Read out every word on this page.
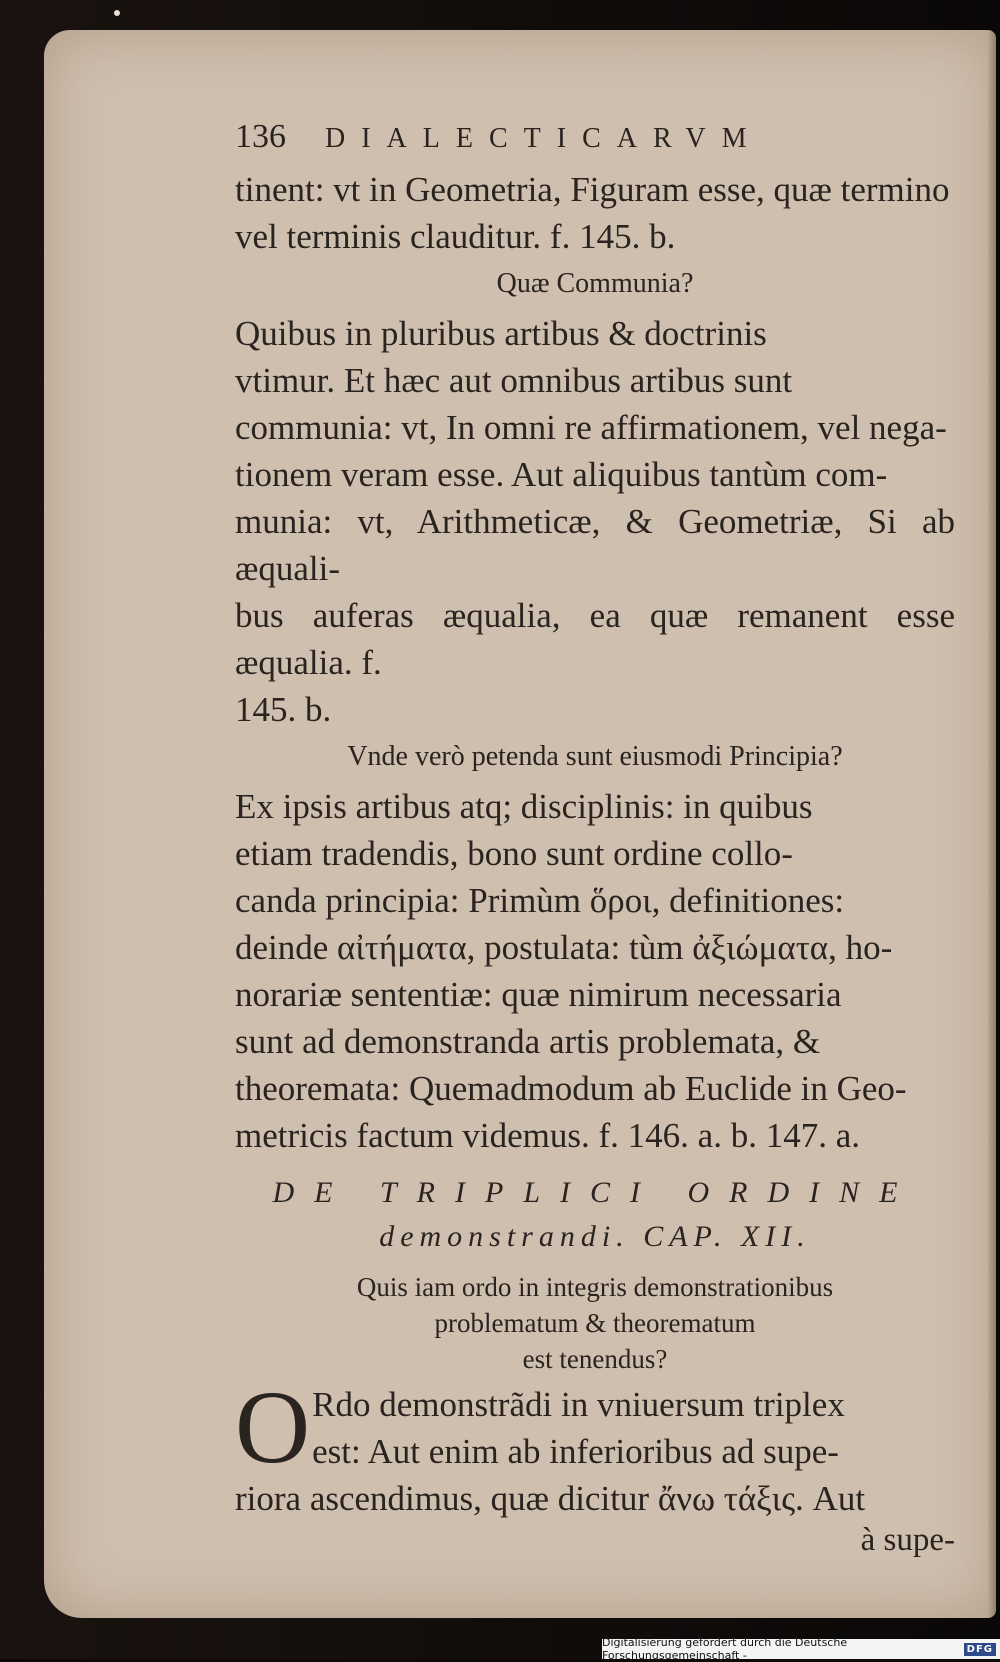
136	DIALECTICARVM

tinent: vt in Geometria, Figuram esse, quæ termino

vel terminis clauditur. f. 145. b.

Quæ Communia?

Quibus in pluribus artibus & doctrinis

vtimur. Et hæc aut omnibus artibus sunt

communia: vt, In omni re affirmationem, vel nega-

tionem veram esse. Aut aliquibus tantùm com-

munia: vt, Arithmeticæ, & Geometriæ, Si ab æquali-

bus auferas æqualia, ea quæ remanent esse æqualia. f.

145. b.

Vnde verò petenda sunt eiusmodi Principia?

Ex ipsis artibus atq; disciplinis: in quibus

etiam tradendis, bono sunt ordine collo-

canda principia: Primùm ὅροι, definitiones:

deinde αἰτήματα, postulata: tùm ἀξιώματα, ho-

norariæ sententiæ: quæ nimirum necessaria

sunt ad demonstranda artis problemata, &

theoremata: Quemadmodum ab Euclide in Geo-

metricis factum videmus. f. 146. a. b. 147. a.

DE TRIPLICI ORDINE

demonstrandi. CAP. XII.

Quis iam ordo in integris demonstrationibus

problematum & theorematum

est tenendus?

O Rdo demonstrãdi in vniuersum triplex

est: Aut enim ab inferioribus ad supe-

riora ascendimus, quæ dicitur ἄνω τάξις. Aut

à supe-

Digitalisierung gefördert durch die Deutsche Forschungsgemeinschaft -	DFG
